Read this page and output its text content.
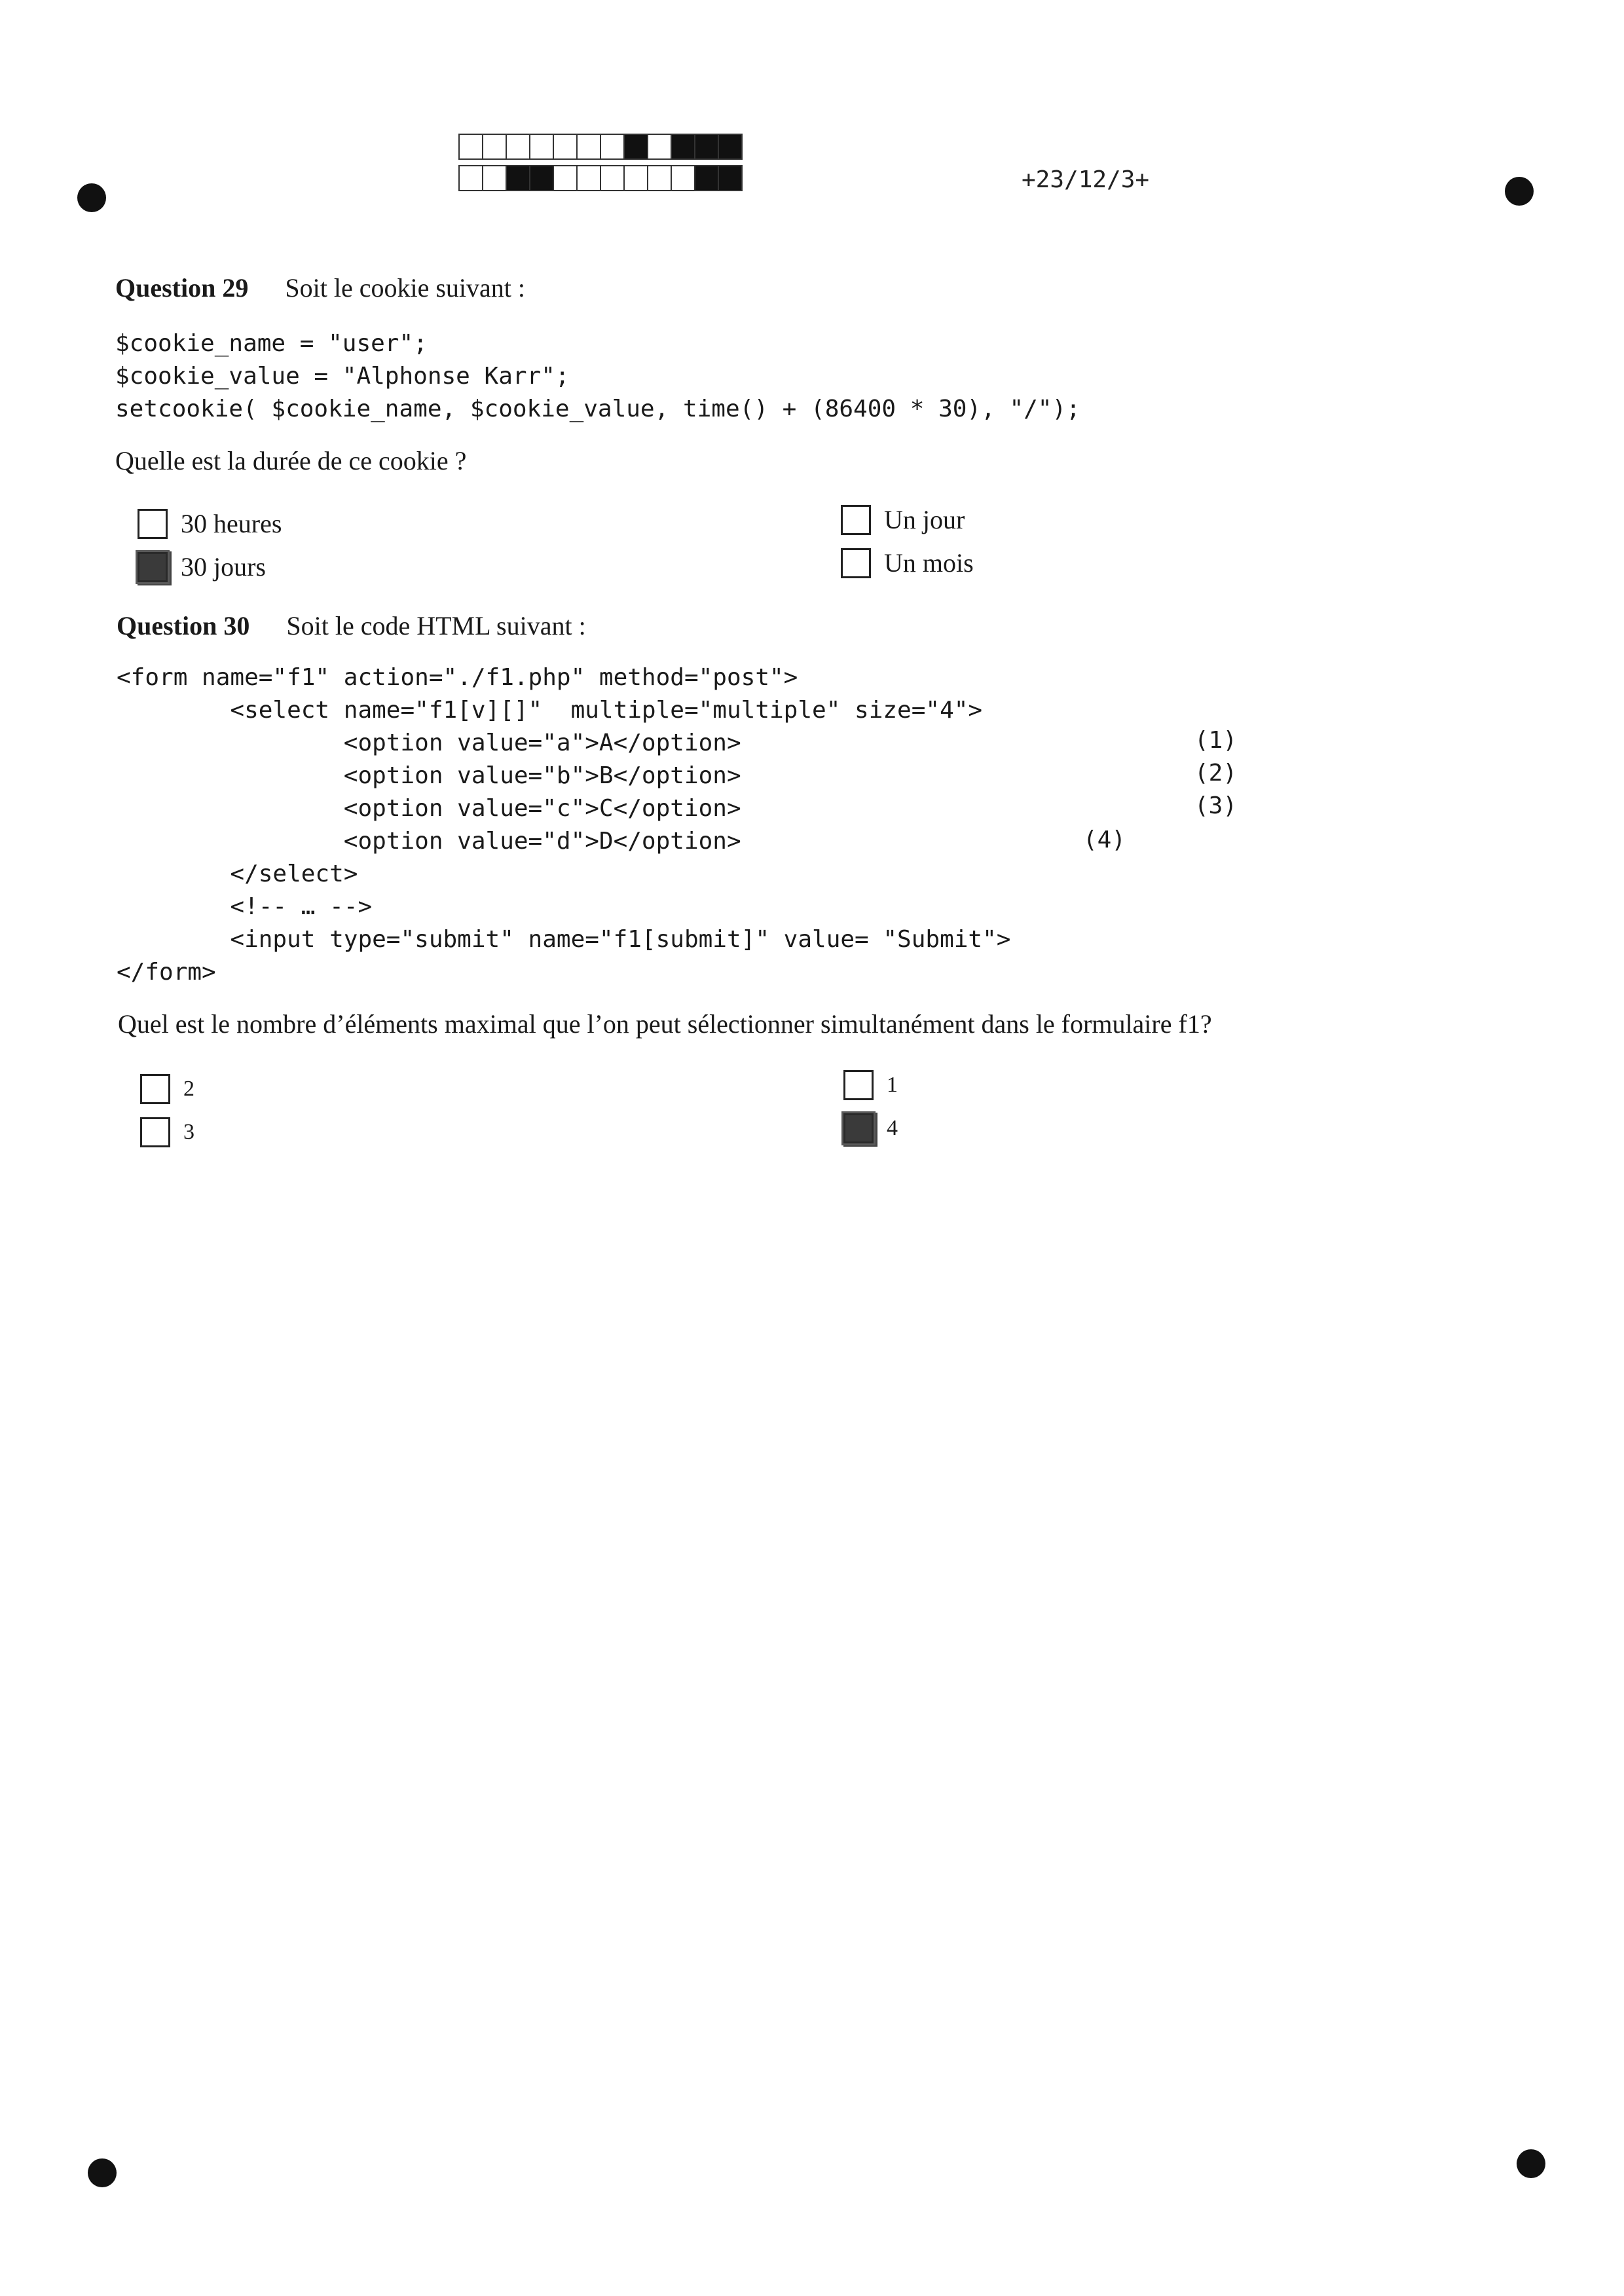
+23/12/3+
Question 29 Soit le cookie suivant :
$cookie_name = "user";
$cookie_value = "Alphonse Karr";
setcookie( $cookie_name, $cookie_value, time() + (86400 * 30), "/");
Quelle est la durée de ce cookie ?
30 heures
30 jours
Un jour
Un mois
Question 30 Soit le code HTML suivant :
<form name="f1" action="./f1.php" method="post">
<select name="f1[v][]"  multiple="multiple" size="4">
<option value="a">A</option>
<option value="b">B</option>
<option value="c">C</option>
<option value="d">D</option>
</select>
<!-- … -->
<input type="submit" name="f1[submit]" value= "Submit">
</form>
(1)
(2)
(3)
(4)
Quel est le nombre d’éléments maximal que l’on peut sélectionner simultanément dans le formulaire f1?
2
3
1
4
